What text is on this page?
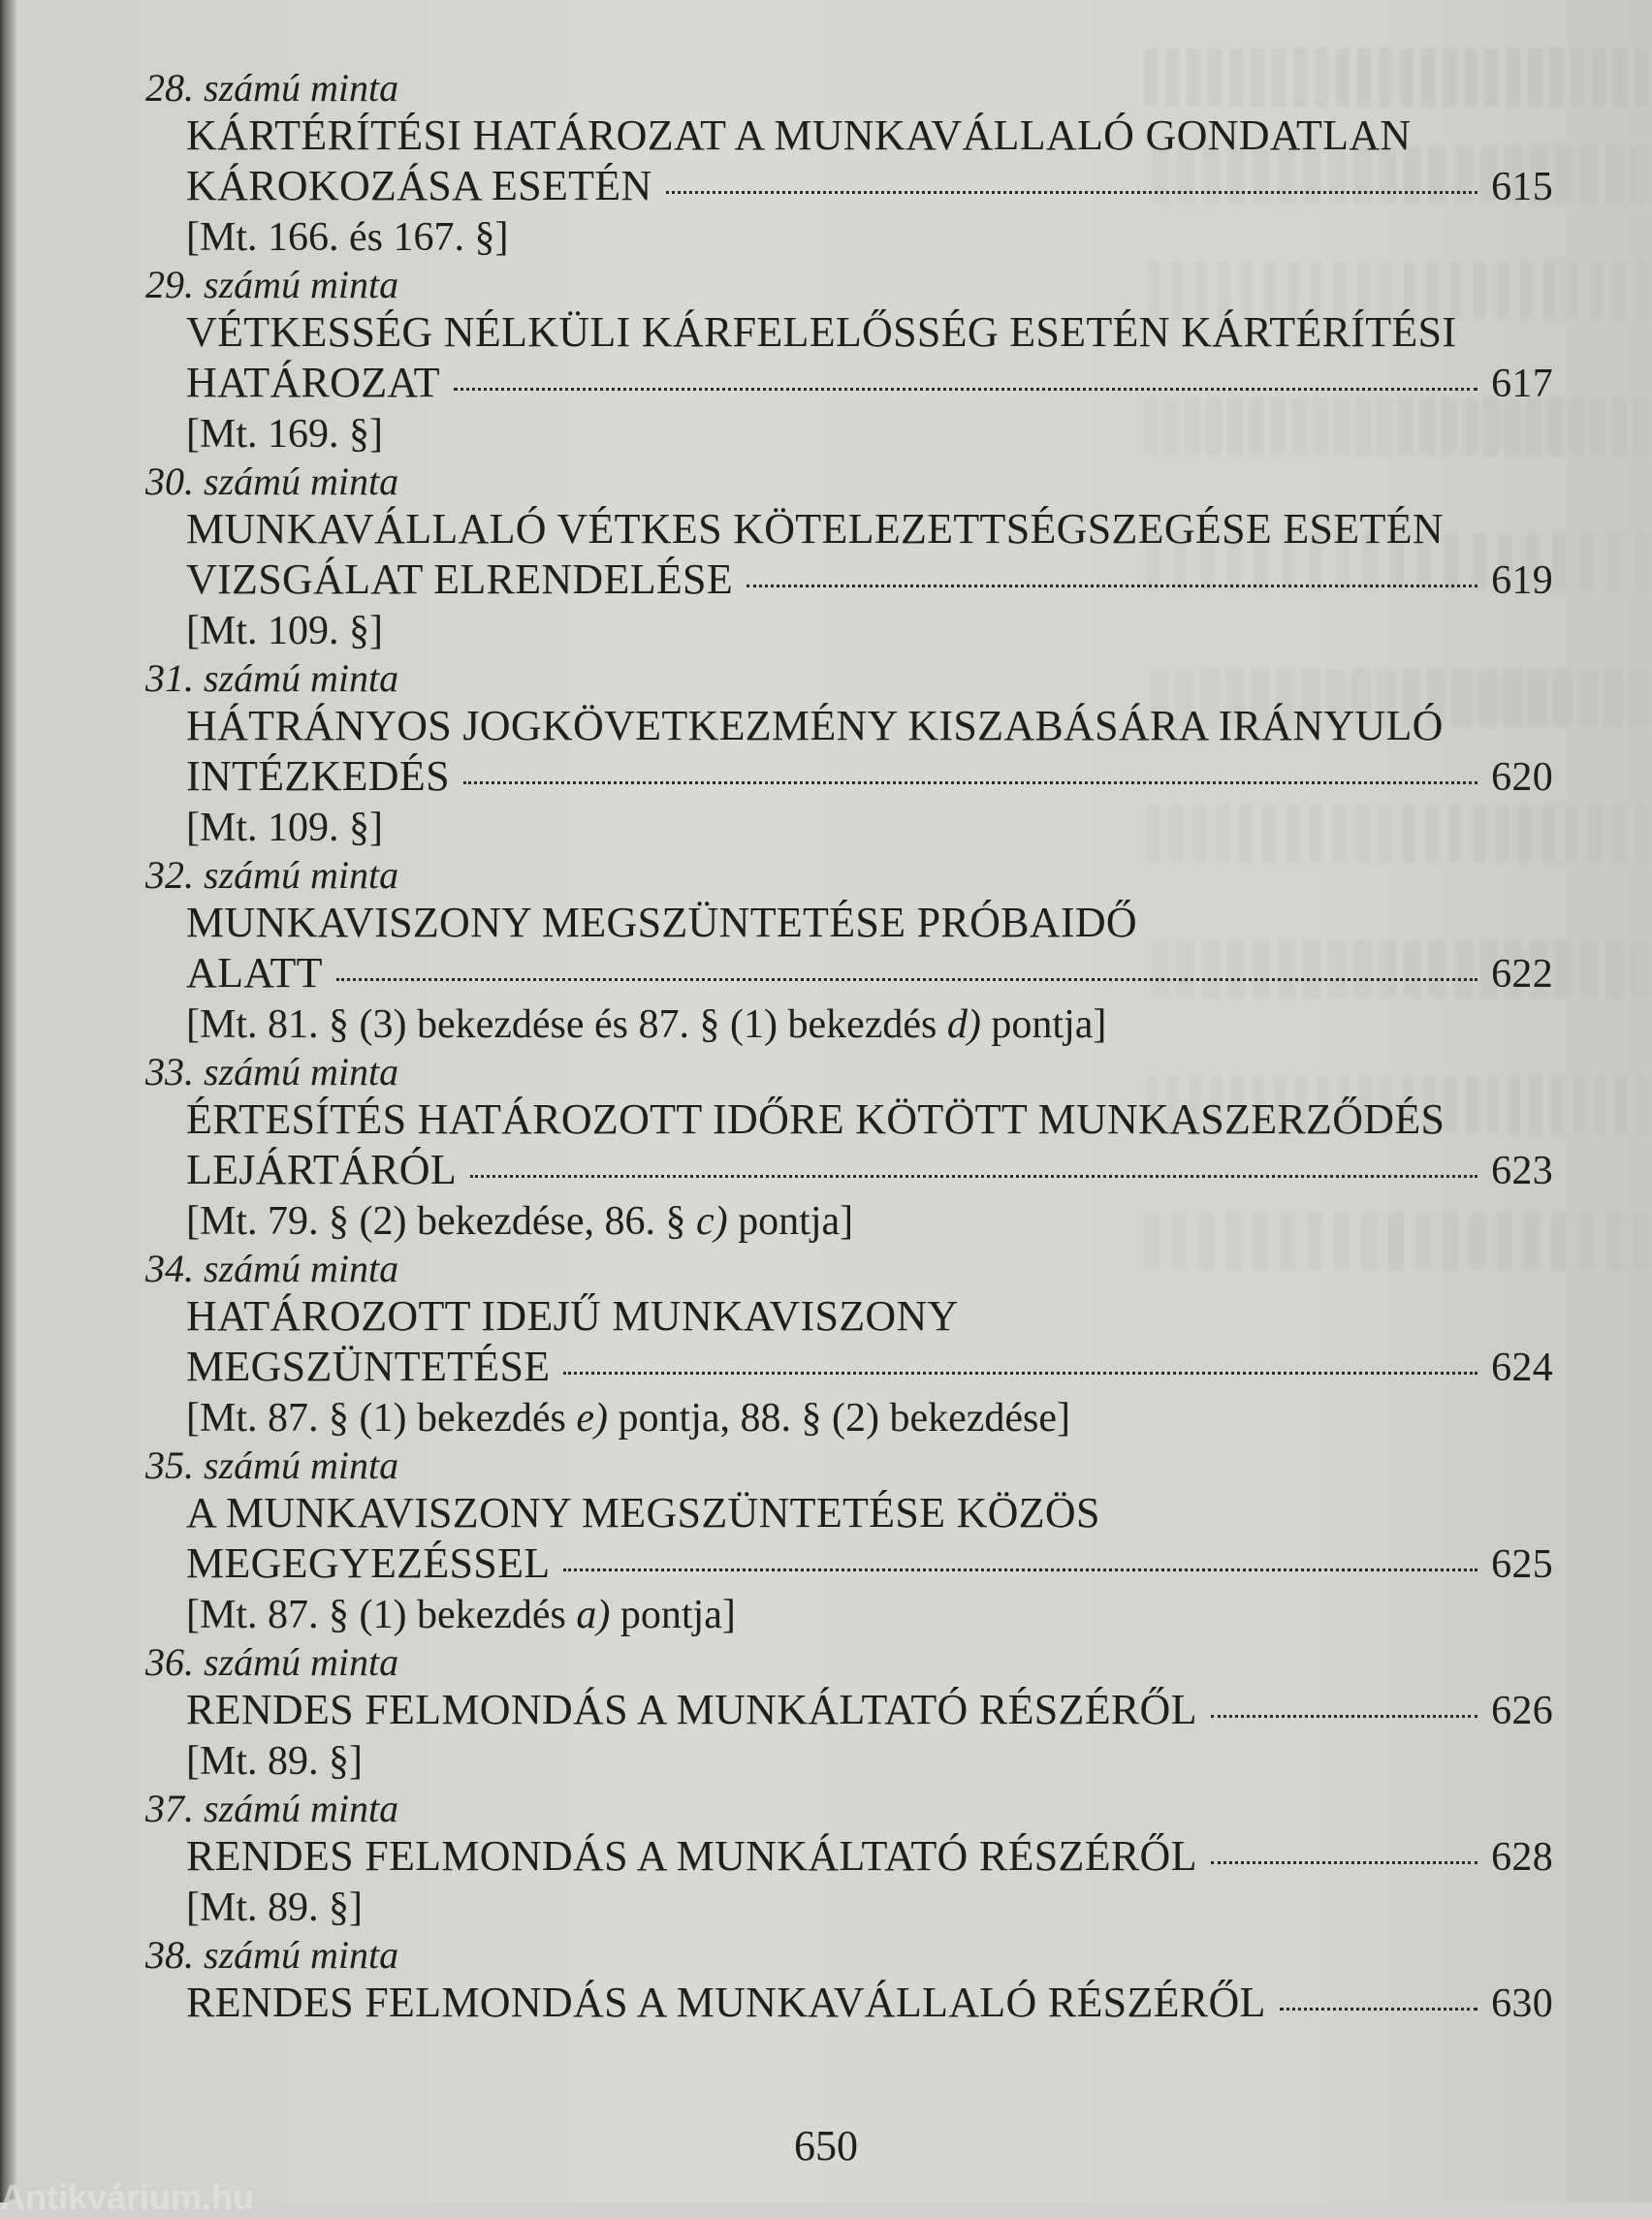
28. számú minta
KÁRTÉRÍTÉSI HATÁROZAT A MUNKAVÁLLALÓ GONDATLAN
KÁROKOZÁSA ESETÉN	615
[Mt. 166. és 167. §]
29. számú minta
VÉTKESSÉG NÉLKÜLI KÁRFELELŐSSÉG ESETÉN KÁRTÉRÍTÉSI
HATÁROZAT	617
[Mt. 169. §]
30. számú minta
MUNKAVÁLLALÓ VÉTKES KÖTELEZETTSÉGSZEGÉSE ESETÉN
VIZSGÁLAT ELRENDELÉSE	619
[Mt. 109. §]
31. számú minta
HÁTRÁNYOS JOGKÖVETKEZMÉNY KISZABÁSÁRA IRÁNYULÓ
INTÉZKEDÉS	620
[Mt. 109. §]
32. számú minta
MUNKAVISZONY MEGSZÜNTETÉSE PRÓBAIDŐ
ALATT	622
[Mt. 81. § (3) bekezdése és 87. § (1) bekezdés d) pontja]
33. számú minta
ÉRTESÍTÉS HATÁROZOTT IDŐRE KÖTÖTT MUNKASZERZŐDÉS
LEJÁRTÁRÓL	623
[Mt. 79. § (2) bekezdése, 86. § c) pontja]
34. számú minta
HATÁROZOTT IDEJŰ MUNKAVISZONY
MEGSZÜNTETÉSE	624
[Mt. 87. § (1) bekezdés e) pontja, 88. § (2) bekezdése]
35. számú minta
A MUNKAVISZONY MEGSZÜNTETÉSE KÖZÖS
MEGEGYEZÉSSEL	625
[Mt. 87. § (1) bekezdés a) pontja]
36. számú minta
RENDES FELMONDÁS A MUNKÁLTATÓ RÉSZÉRŐL	626
[Mt. 89. §]
37. számú minta
RENDES FELMONDÁS A MUNKÁLTATÓ RÉSZÉRŐL	628
[Mt. 89. §]
38. számú minta
RENDES FELMONDÁS A MUNKAVÁLLALÓ RÉSZÉRŐL	630
650
Antikvárium.hu
